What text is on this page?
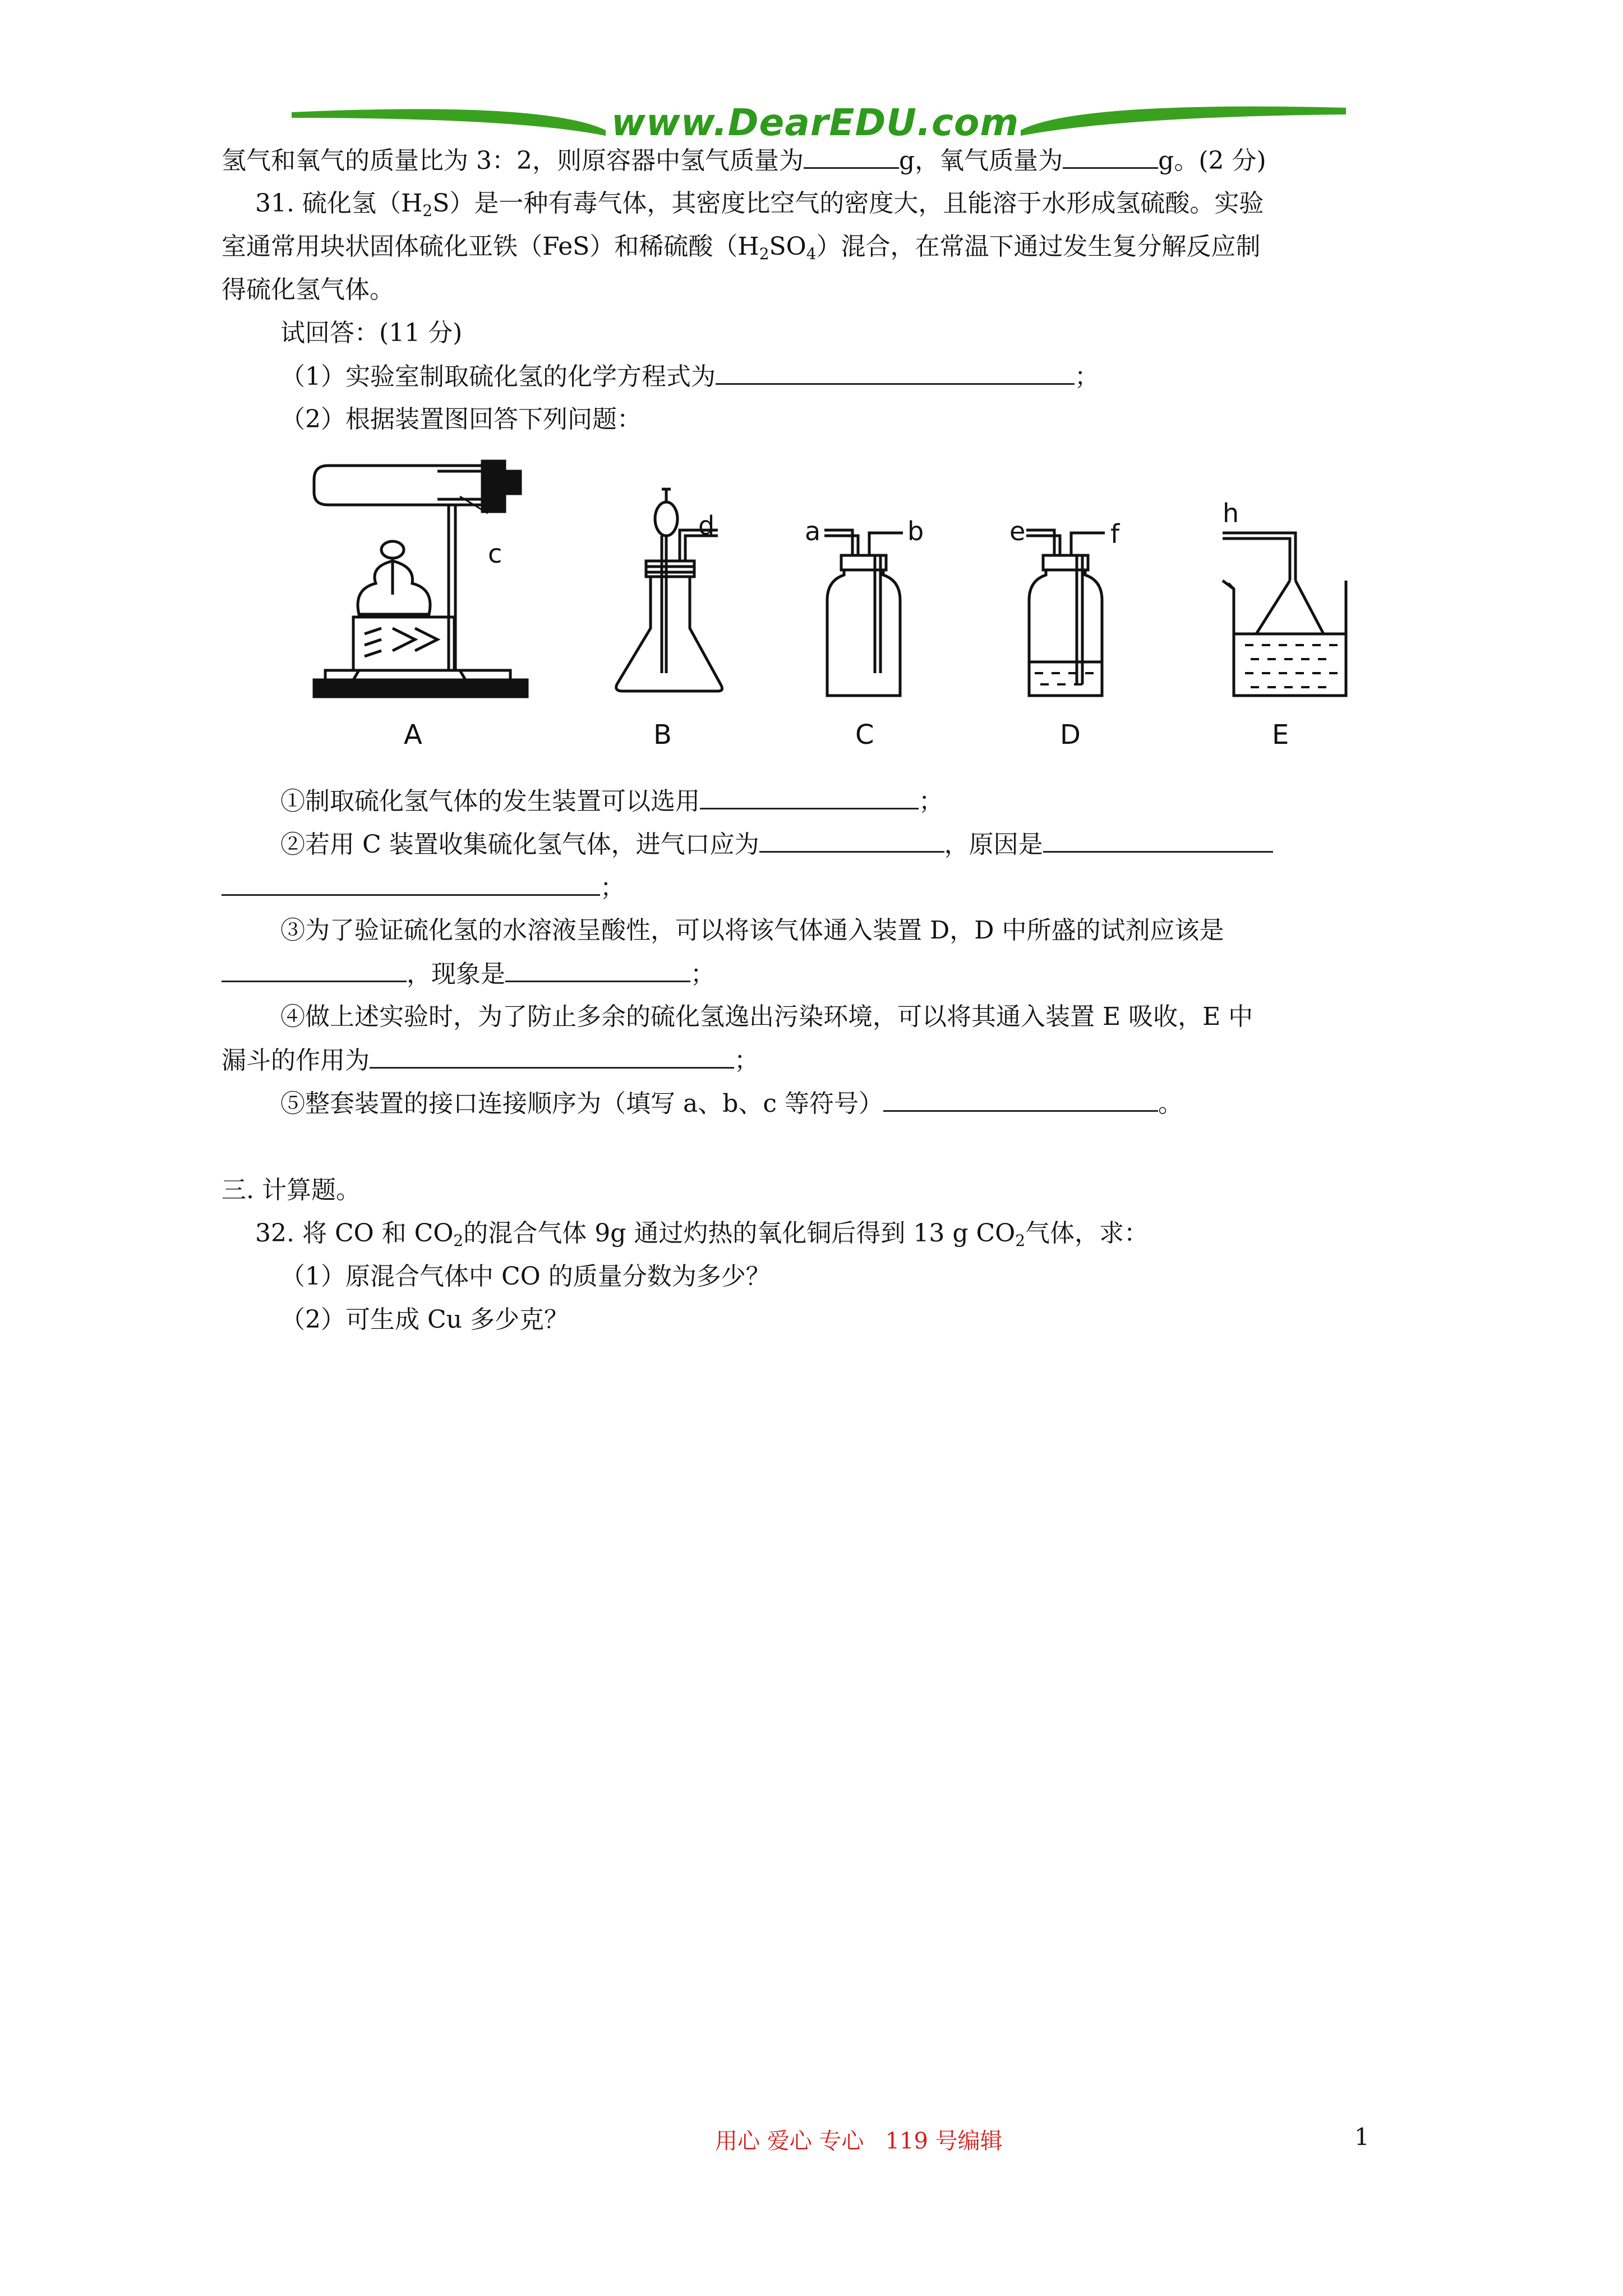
www.DearEDU.com
氢气和氧气的质量比为 3：2，则原容器中氢气质量为	g，氧气质量为	g。(2 分)
31. 硫化氢$(H_2S)$是一种有毒气体，其密度比空气的密度大，且能溶于水形成氢硫酸。实验
室通常用块状固体硫化亚铁（FeS）和稀硫酸$(H_2SO_4)$混合，在常温下通过发生复分解反应制
得硫化氢气体。
试回答：(11 分)
（1）实验室制取硫化氢的化学方程式为	；
（2）根据装置图回答下列问题：
c
d	a	b	e	f
h
A	B	C	D	E
①制取硫化氢气体的发生装置可以选用	；
②若用 C 装置收集硫化氢气体，进气口应为	，原因是
；
③为了验证硫化氢的水溶液呈酸性，可以将该气体通入装置 D，D 中所盛的试剂应该是
，现象是	；
④做上述实验时，为了防止多余的硫化氢逸出污染环境，可以将其通入装置 E 吸收，E 中
漏斗的作用为	；
⑤整套装置的接口连接顺序为（填写 a、b、c 等符号）	。
三. 计算题。
32. 将 CO 和 $CO_2$的混合气体 9g 通过灼热的氧化铜后得到 13 g $CO_2$气体，求：
（1）原混合气体中 CO 的质量分数为多少？
（2）可生成 Cu 多少克？
用心 爱心 专心   119 号编辑	1
